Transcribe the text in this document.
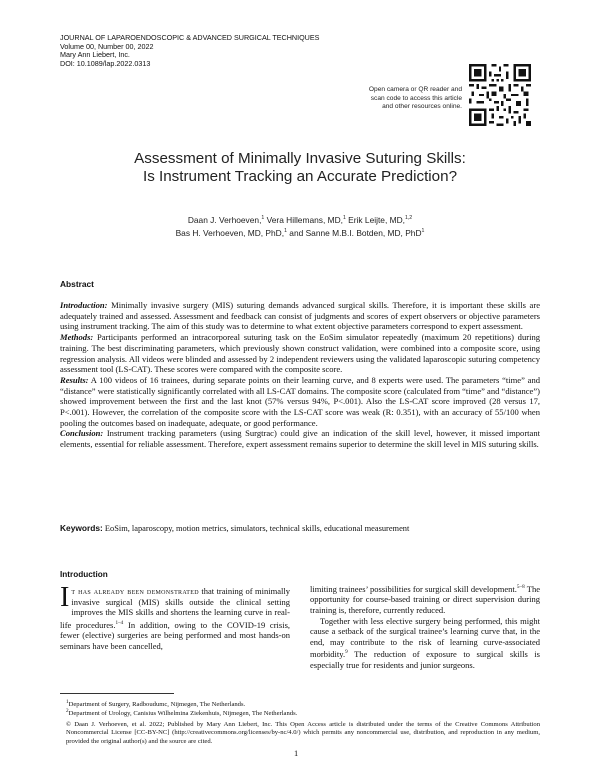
JOURNAL OF LAPAROENDOSCOPIC & ADVANCED SURGICAL TECHNIQUES
Volume 00, Number 00, 2022
Mary Ann Liebert, Inc.
DOI: 10.1089/lap.2022.0313
Open camera or QR reader and
scan code to access this article
and other resources online.
Assessment of Minimally Invasive Suturing Skills:
Is Instrument Tracking an Accurate Prediction?
Daan J. Verhoeven,$^1$ Vera Hillemans, MD,$^1$ Erik Leijte, MD,$^{1,2}$
Bas H. Verhoeven, MD, PhD,$^1$ and Sanne M.B.I. Botden, MD, PhD$^1$
Abstract

Introduction: Minimally invasive surgery (MIS) suturing demands advanced surgical skills. Therefore, it is important these skills are adequately trained and assessed. Assessment and feedback can consist of judgments and scores of expert observers or objective parameters using instrument tracking. The aim of this study was to determine to what extent objective parameters correspond to expert assessment.

Methods: Participants performed an intracorporeal suturing task on the EoSim simulator repeatedly (maximum 20 repetitions) during training. The best discriminating parameters, which previously shown construct validation, were combined into a composite score, using regression analysis. All videos were blinded and assessed by 2 independent reviewers using the validated laparoscopic suturing competency assessment tool (LS-CAT). These scores were compared with the composite score.

Results: A 100 videos of 16 trainees, during separate points on their learning curve, and 8 experts were used. The parameters “time” and “distance” were statistically significantly correlated with all LS-CAT domains. The composite score (calculated from “time” and “distance”) showed improvement between the first and the last knot (57% versus 94%, P<.001). Also the LS-CAT score improved (28 versus 17, P<.001). However, the correlation of the composite score with the LS-CAT score was weak (R: 0.351), with an accuracy of 55/100 when pooling the outcomes based on inadequate, adequate, or good performance.

Conclusion: Instrument tracking parameters (using Surgtrac) could give an indication of the skill level, however, it missed important elements, essential for reliable assessment. Therefore, expert assessment remains superior to determine the skill level in MIS suturing skills.

Keywords: EoSim, laparoscopy, motion metrics, simulators, technical skills, educational measurement
Introduction

It has already been demonstrated that training of minimally invasive surgical (MIS) skills outside the clinical setting improves the MIS skills and shortens the learning curve in real-life procedures.$^{1-4}$ In addition, owing to the COVID-19 crisis, fewer (elective) surgeries are being performed and most hands-on seminars have been cancelled,

limiting trainees’ possibilities for surgical skill development.$^{5-8}$ The opportunity for course-based training or direct supervision during training is, therefore, currently reduced.

Together with less elective surgery being performed, this might cause a setback of the surgical trainee’s learning curve that, in the end, may contribute to the risk of learning curve-associated morbidity.$^9$ The reduction of exposure to surgical skills is especially true for residents and junior surgeons.

$^1$Department of Surgery, Radboudumc, Nijmegen, The Netherlands.
$^2$Department of Urology, Canisius Wilhelmina Ziekenhuis, Nijmegen, The Netherlands.
© Daan J. Verhoeven, et al. 2022; Published by Mary Ann Liebert, Inc. This Open Access article is distributed under the terms of the Creative Commons Attribution Noncommercial License [CC-BY-NC] (http://creativecommons.org/licenses/by-nc/4.0/) which permits any noncommercial use, distribution, and reproduction in any medium, provided the original author(s) and the source are cited.
1
